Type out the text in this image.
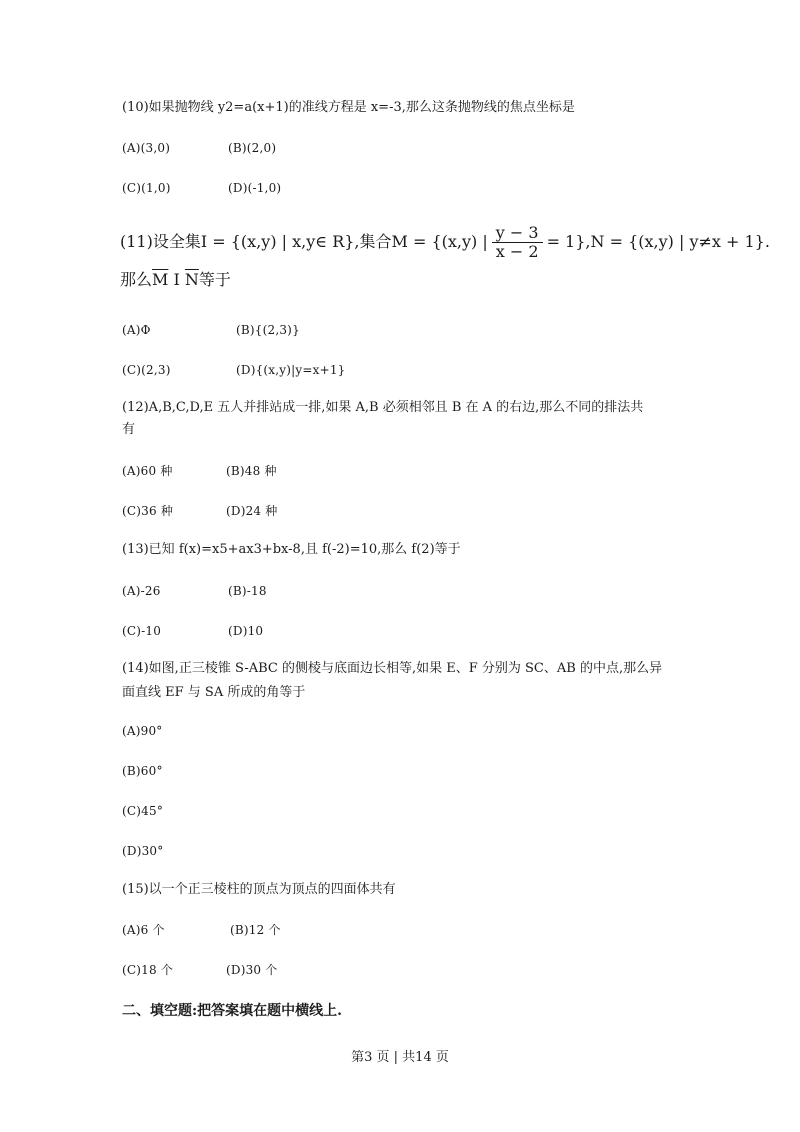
(10)如果抛物线 y2=a(x+1)的准线方程是 x=-3,那么这条抛物线的焦点坐标是
(A)(3,0)	(B)(2,0)
(C)(1,0)	(D)(-1,0)
(11)设全集I = {(x,y) | x,y∈ R},集合M = {(x,y) | $\frac{y - 3}{x - 2} = 1\},N = \{(x,y)$ | y≠x + 1}.
那么$\overline{M}$ I $\overline{N}$等于
(A)Φ	(B){(2,3)}
(C)(2,3)	(D){(x,y)|y=x+1}
(12)A,B,C,D,E 五人并排站成一排,如果 A,B 必须相邻且 B 在 A 的右边,那么不同的排法共
有
(A)60 种	(B)48 种
(C)36 种	(D)24 种
(13)已知 f(x)=x5+ax3+bx-8,且 f(-2)=10,那么 f(2)等于
(A)-26	(B)-18
(C)-10	(D)10
(14)如图,正三棱锥 S-ABC 的侧棱与底面边长相等,如果 E、F 分别为 SC、AB 的中点,那么异
面直线 EF 与 SA 所成的角等于
(A)90°
(B)60°
(C)45°
(D)30°
(15)以一个正三棱柱的顶点为顶点的四面体共有
(A)6 个	(B)12 个
(C)18 个	(D)30 个
二、填空题:把答案填在题中横线上.
第3 页 | 共14 页
